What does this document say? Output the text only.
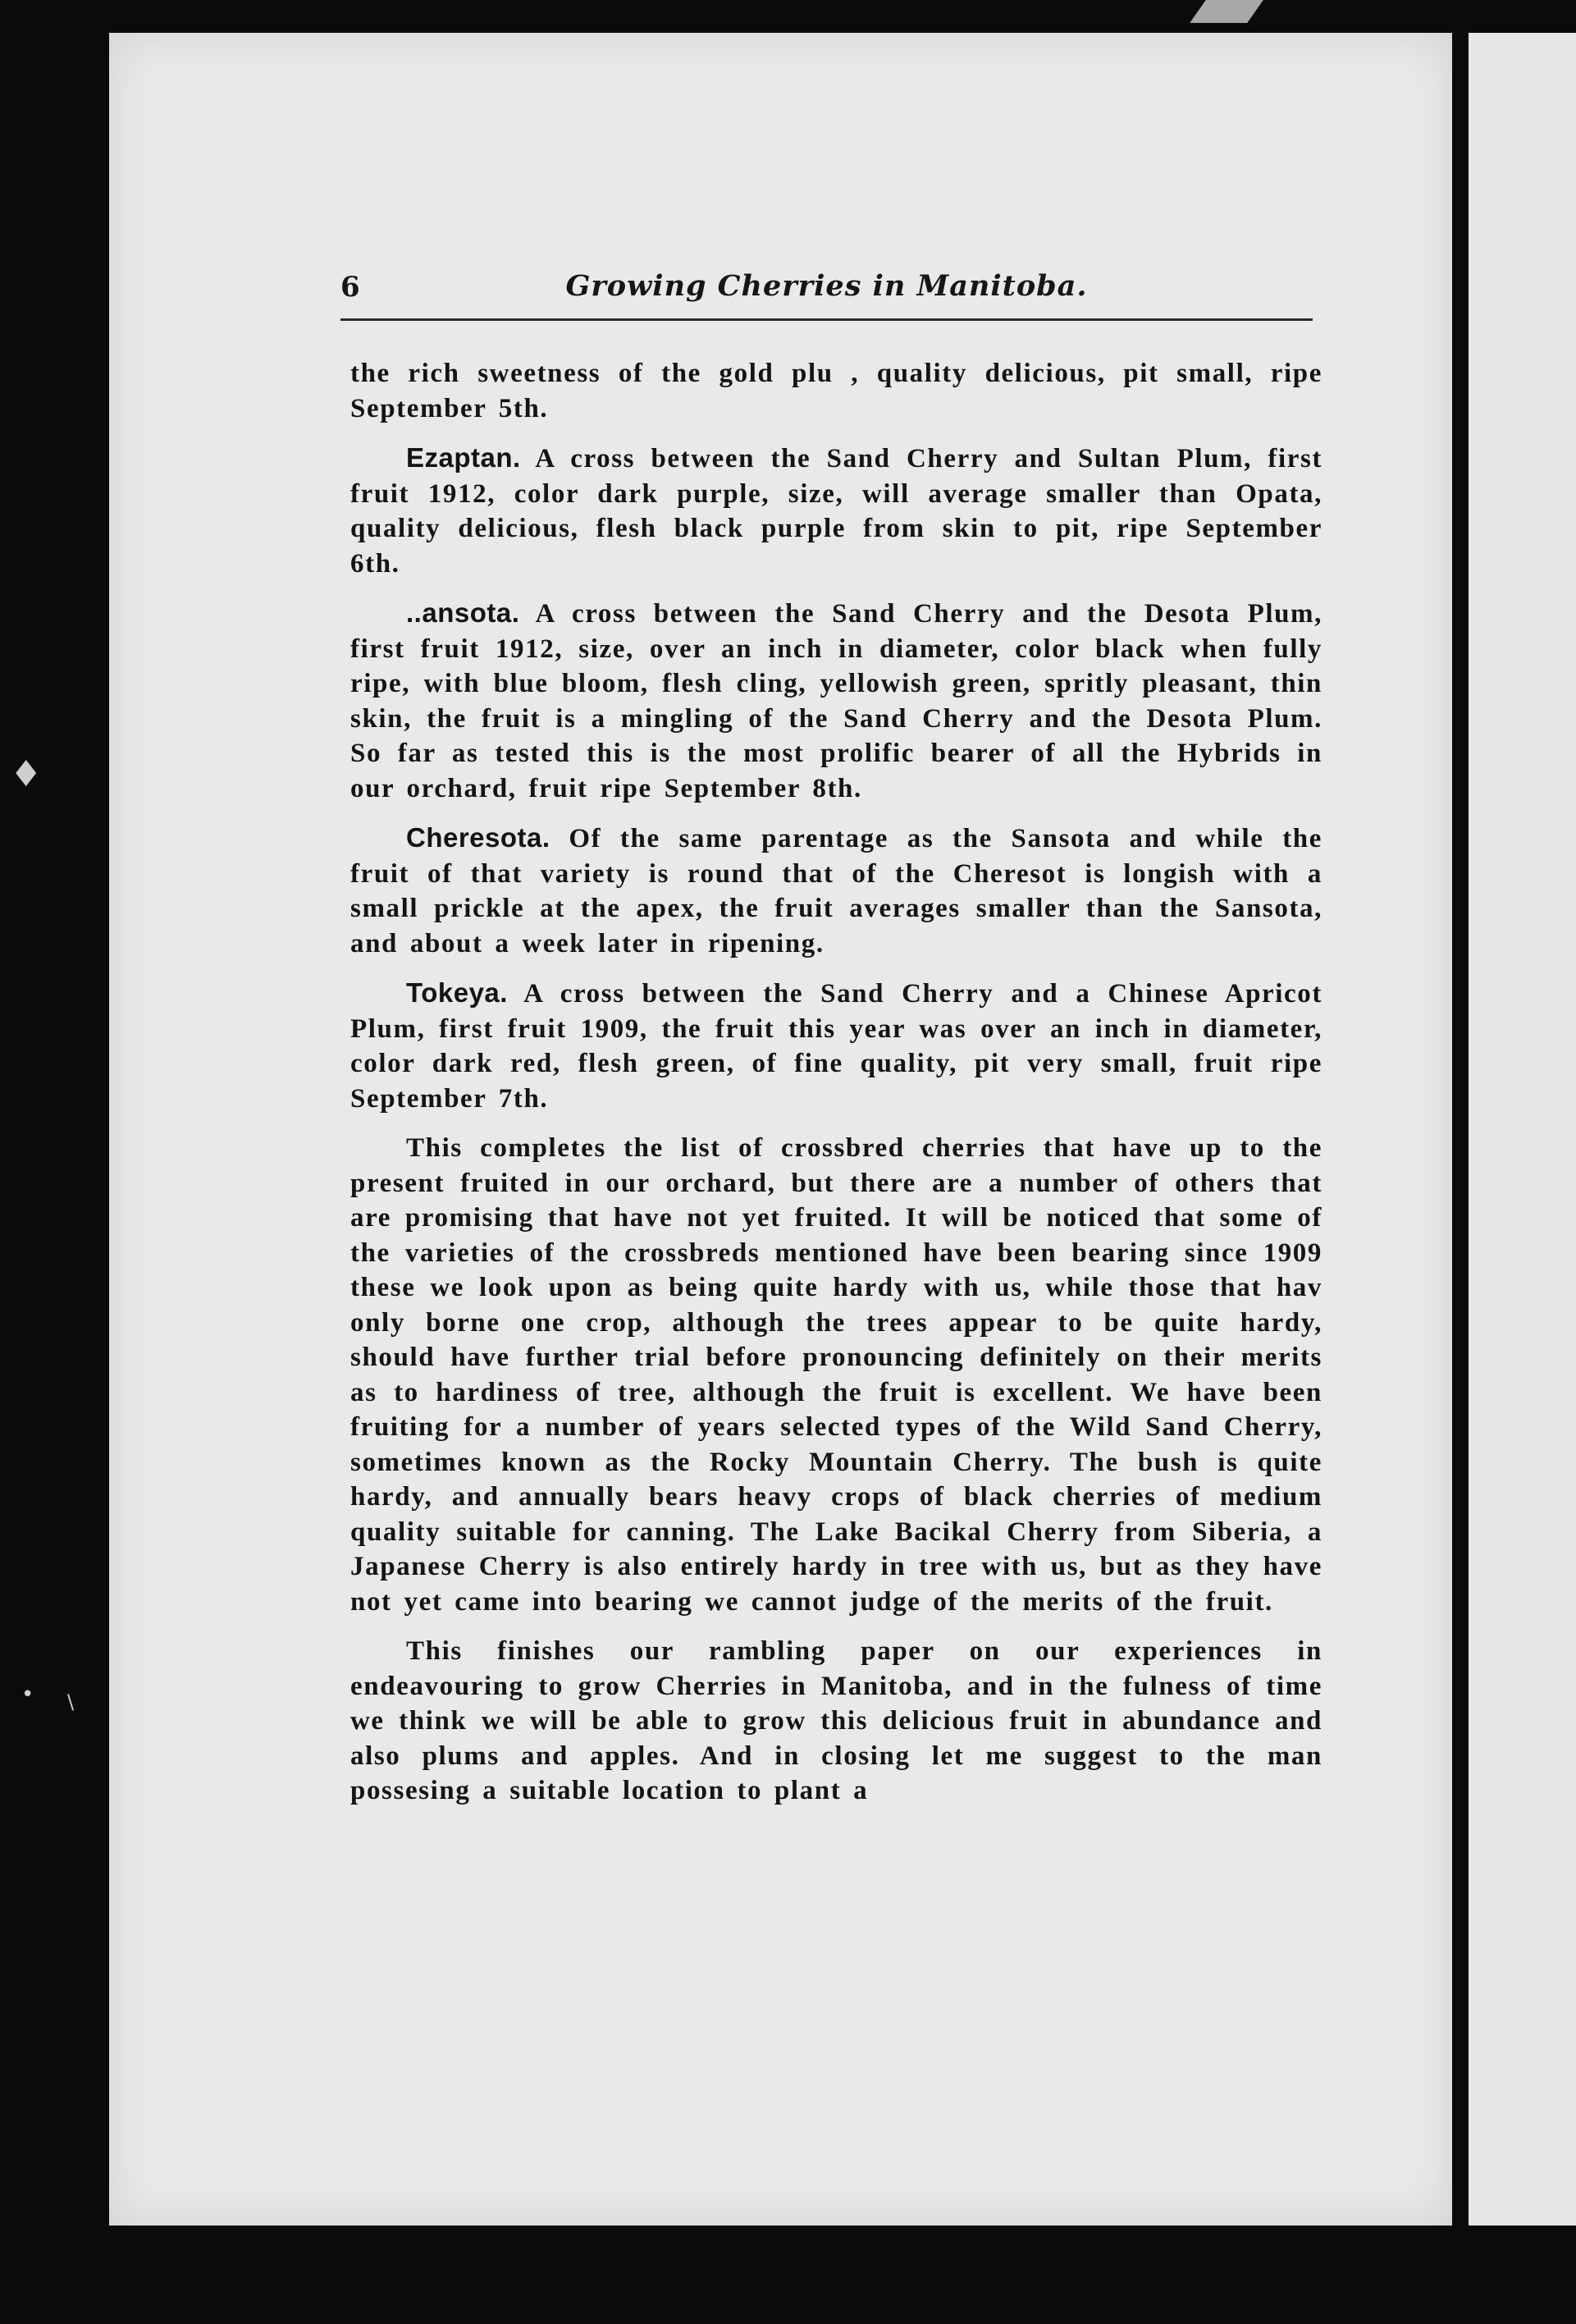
♦
• \
6	Growing Cherries in Manitoba.

the rich sweetness of the gold plu , quality delicious, pit small, ripe September 5th.

Ezaptan. A cross between the Sand Cherry and Sultan Plum, first fruit 1912, color dark purple, size, will average smaller than Opata, quality delicious, flesh black purple from skin to pit, ripe September 6th.

..ansota. A cross between the Sand Cherry and the Desota Plum, first fruit 1912, size, over an inch in diameter, color black when fully ripe, with blue bloom, flesh cling, yellowish green, spritly pleasant, thin skin, the fruit is a mingling of the Sand Cherry and the Desota Plum. So far as tested this is the most prolific bearer of all the Hybrids in our orchard, fruit ripe September 8th.

Cheresota. Of the same parentage as the Sansota and while the fruit of that variety is round that of the Cheresot is longish with a small prickle at the apex, the fruit averages smaller than the Sansota, and about a week later in ripening.

Tokeya. A cross between the Sand Cherry and a Chinese Apricot Plum, first fruit 1909, the fruit this year was over an inch in diameter, color dark red, flesh green, of fine quality, pit very small, fruit ripe September 7th.

This completes the list of crossbred cherries that have up to the present fruited in our orchard, but there are a number of others that are promising that have not yet fruited. It will be noticed that some of the varieties of the crossbreds mentioned have been bearing since 1909 these we look upon as being quite hardy with us, while those that hav only borne one crop, although the trees appear to be quite hardy, should have further trial before pronouncing definitely on their merits as to hardiness of tree, although the fruit is excellent. We have been fruiting for a number of years selected types of the Wild Sand Cherry, sometimes known as the Rocky Mountain Cherry. The bush is quite hardy, and annually bears heavy crops of black cherries of medium quality suitable for canning. The Lake Bacikal Cherry from Siberia, a Japanese Cherry is also entirely hardy in tree with us, but as they have not yet came into bearing we cannot judge of the merits of the fruit.

This finishes our rambling paper on our experiences in endeavouring to grow Cherries in Manitoba, and in the fulness of time we think we will be able to grow this delicious fruit in abundance and also plums and apples. And in closing let me suggest to the man possesing a suitable location to plant a
